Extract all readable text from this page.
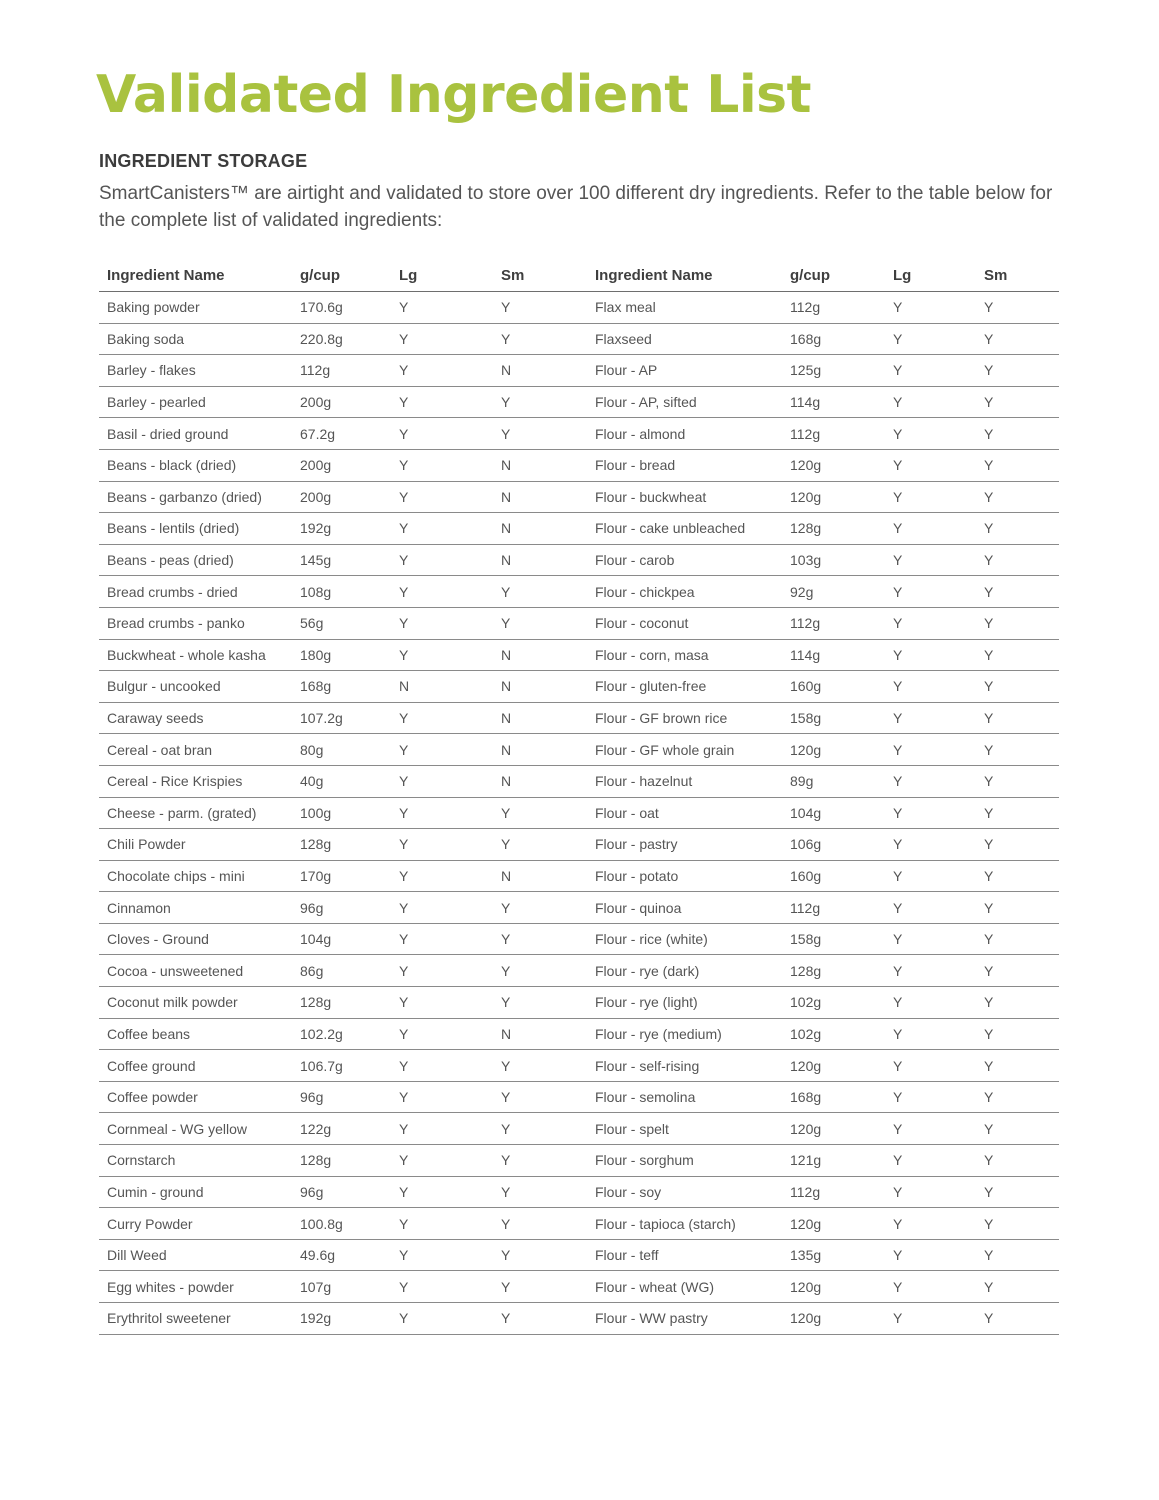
Validated Ingredient List
INGREDIENT STORAGE

SmartCanisters™ are airtight and validated to store over 100 different dry ingredients. Refer to the table below for the complete list of validated ingredients:

Ingredient Name	g/cup	Lg	Sm	Ingredient Name	g/cup	Lg	Sm
Baking powder	170.6g	Y	Y	Flax meal	112g	Y	Y
Baking soda	220.8g	Y	Y	Flaxseed	168g	Y	Y
Barley - flakes	112g	Y	N	Flour - AP	125g	Y	Y
Barley - pearled	200g	Y	Y	Flour - AP, sifted	114g	Y	Y
Basil - dried ground	67.2g	Y	Y	Flour - almond	112g	Y	Y
Beans - black (dried)	200g	Y	N	Flour - bread	120g	Y	Y
Beans - garbanzo (dried)	200g	Y	N	Flour - buckwheat	120g	Y	Y
Beans - lentils (dried)	192g	Y	N	Flour - cake unbleached	128g	Y	Y
Beans - peas (dried)	145g	Y	N	Flour - carob	103g	Y	Y
Bread crumbs - dried	108g	Y	Y	Flour - chickpea	92g	Y	Y
Bread crumbs - panko	56g	Y	Y	Flour - coconut	112g	Y	Y
Buckwheat - whole kasha	180g	Y	N	Flour - corn, masa	114g	Y	Y
Bulgur - uncooked	168g	N	N	Flour - gluten-free	160g	Y	Y
Caraway seeds	107.2g	Y	N	Flour - GF brown rice	158g	Y	Y
Cereal - oat bran	80g	Y	N	Flour - GF whole grain	120g	Y	Y
Cereal - Rice Krispies	40g	Y	N	Flour - hazelnut	89g	Y	Y
Cheese - parm. (grated)	100g	Y	Y	Flour - oat	104g	Y	Y
Chili Powder	128g	Y	Y	Flour - pastry	106g	Y	Y
Chocolate chips - mini	170g	Y	N	Flour - potato	160g	Y	Y
Cinnamon	96g	Y	Y	Flour - quinoa	112g	Y	Y
Cloves - Ground	104g	Y	Y	Flour - rice (white)	158g	Y	Y
Cocoa - unsweetened	86g	Y	Y	Flour - rye (dark)	128g	Y	Y
Coconut milk powder	128g	Y	Y	Flour - rye (light)	102g	Y	Y
Coffee beans	102.2g	Y	N	Flour - rye (medium)	102g	Y	Y
Coffee ground	106.7g	Y	Y	Flour - self-rising	120g	Y	Y
Coffee powder	96g	Y	Y	Flour - semolina	168g	Y	Y
Cornmeal - WG yellow	122g	Y	Y	Flour - spelt	120g	Y	Y
Cornstarch	128g	Y	Y	Flour - sorghum	121g	Y	Y
Cumin - ground	96g	Y	Y	Flour - soy	112g	Y	Y
Curry Powder	100.8g	Y	Y	Flour - tapioca (starch)	120g	Y	Y
Dill Weed	49.6g	Y	Y	Flour - teff	135g	Y	Y
Egg whites - powder	107g	Y	Y	Flour - wheat (WG)	120g	Y	Y
Erythritol sweetener	192g	Y	Y	Flour - WW pastry	120g	Y	Y
